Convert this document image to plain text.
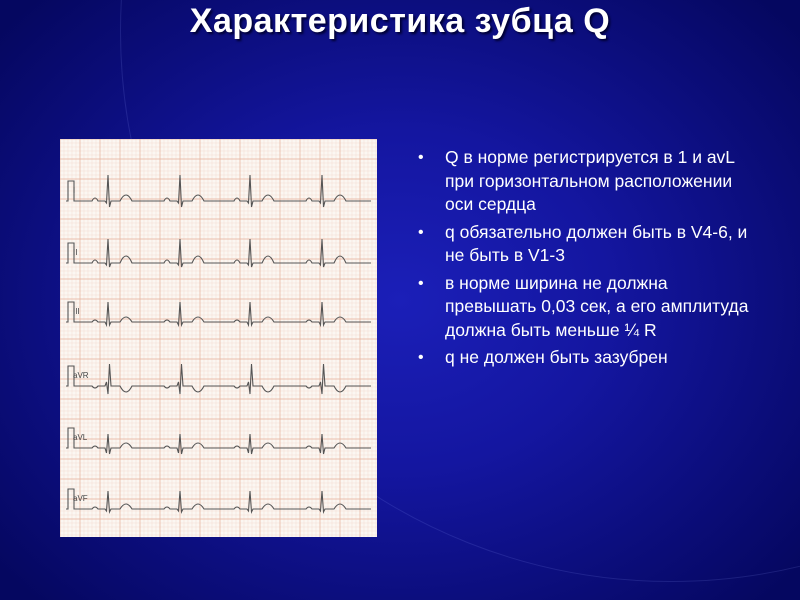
Характеристика зубца Q
I
II
III
aVR
aVL
aVF
• Q в норме регистрируется в 1 и avL при горизонтальном расположении оси сердца
• q обязательно должен быть в V4-6, и не быть в V1-3
• в норме ширина не должна превышать 0,03 сек, а его амплитуда должна быть меньше ¼ R
• q не должен быть зазубрен
